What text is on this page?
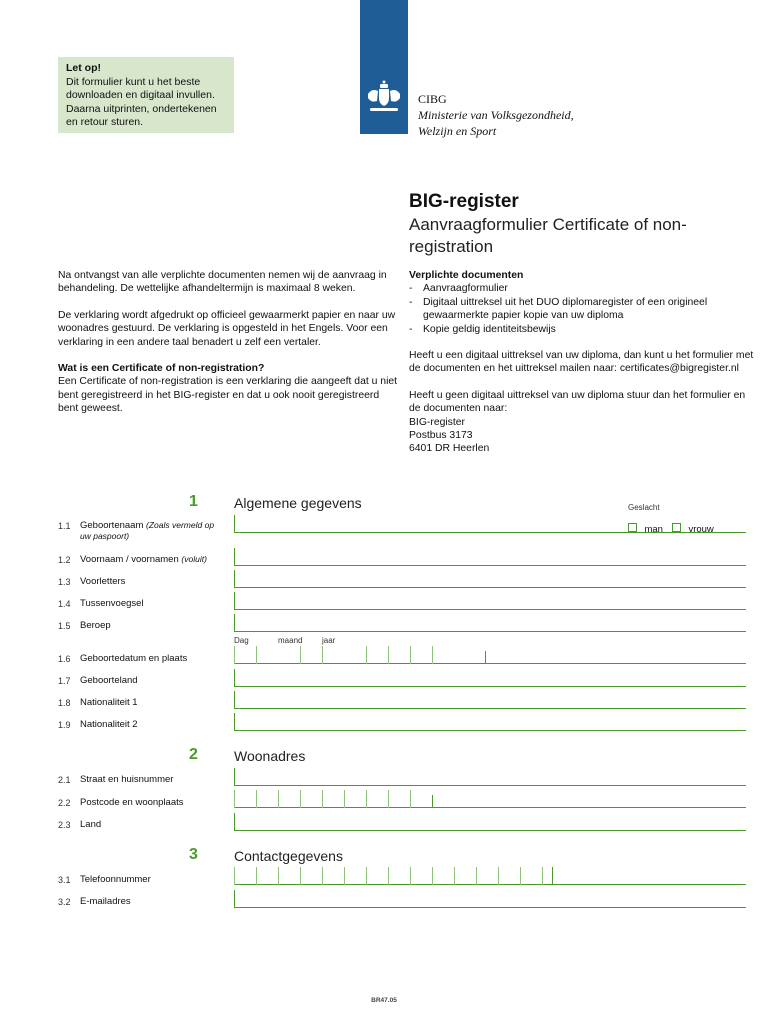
Let op!
Dit formulier kunt u het beste
downloaden en digitaal invullen.
Daarna uitprinten, ondertekenen
en retour sturen.
CIBG
Ministerie van Volksgezondheid,
Welzijn en Sport
BIG-register
Aanvraagformulier Certificate of non-registration

Na ontvangst van alle verplichte documenten nemen wij de aanvraag in behandeling. De wettelijke afhandeltermijn is maximaal 8 weken.

De verklaring wordt afgedrukt op officieel gewaarmerkt papier en naar uw woonadres gestuurd. De verklaring is opgesteld in het Engels. Voor een verklaring in een andere taal benadert u zelf een vertaler.

Wat is een Certificate of non-registration?

Een Certificate of non-registration is een verklaring die aangeeft dat u niet bent geregistreerd in het BIG-register en dat u ook nooit geregistreerd bent geweest.

Verplichte documenten
- Aanvraagformulier
- Digitaal uittreksel uit het DUO diplomaregister of een origineel gewaarmerkte papier kopie van uw diploma
- Kopie geldig identiteitsbewijs

Heeft u een digitaal uittreksel van uw diploma, dan kunt u het formulier met de documenten en het uittreksel mailen naar: certificates@bigregister.nl

Heeft u geen digitaal uittreksel van uw diploma stuur dan het formulier en de documenten naar:
BIG-register
Postbus 3173
6401 DR Heerlen
1	Algemene gegevens	Geslacht
man	vrouw
1.1 Geboortenaam (Zoals vermeld op uw paspoort)
1.2 Voornaam / voornamen (voluit)
1.3 Voorletters
1.4 Tussenvoegsel
1.5 Beroep
Dag	maand jaar
1.6 Geboortedatum en plaats
1.7 Geboorteland
1.8 Nationaliteit 1
1.9 Nationaliteit 2
2	Woonadres
2.1 Straat en huisnummer
2.2 Postcode en woonplaats
2.3 Land
3	Contactgegevens
3.1 Telefoonnummer
3.2 E-mailadres
BR47.05
